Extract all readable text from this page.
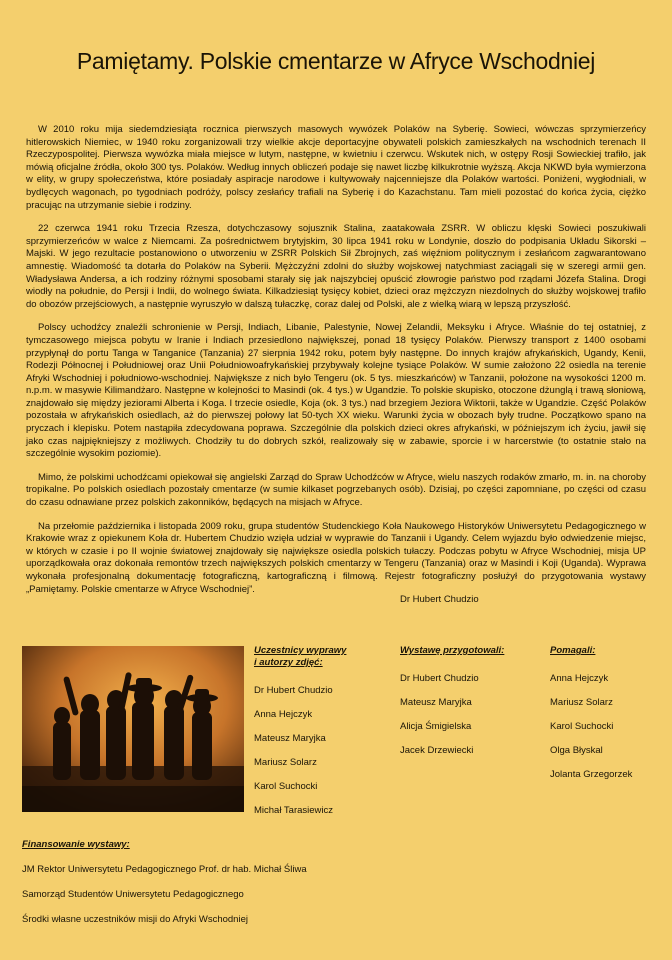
Pamiętamy. Polskie cmentarze w Afryce Wschodniej

W 2010 roku mija siedemdziesiąta rocznica pierwszych masowych wywózek Polaków na Syberię. Sowieci, wówczas sprzymierzeńcy hitlerowskich Niemiec, w 1940 roku zorganizowali trzy wielkie akcje deportacyjne obywateli polskich zamieszkałych na wschodnich terenach II Rzeczypospolitej. Pierwsza wywózka miała miejsce w lutym, następne, w kwietniu i czerwcu. Wskutek nich, w ostępy Rosji Sowieckiej trafiło, jak mówią oficjalne źródła, około 300 tys. Polaków. Według innych obliczeń podaje się nawet liczbę kilkukrotnie wyższą. Akcja NKWD była wymierzona w elity, w grupy społeczeństwa, które posiadały aspiracje narodowe i kultywowały najcenniejsze dla Polaków wartości. Poniżeni, wygłodniali, w bydlęcych wagonach, po tygodniach podróży, polscy zesłańcy trafiali na Syberię i do Kazachstanu. Tam mieli pozostać do końca życia, ciężko pracując na utrzymanie siebie i rodziny.

22 czerwca 1941 roku Trzecia Rzesza, dotychczasowy sojusznik Stalina, zaatakowała ZSRR. W obliczu klęski Sowieci poszukiwali sprzymierzeńców w walce z Niemcami. Za pośrednictwem brytyjskim, 30 lipca 1941 roku w Londynie, doszło do podpisania Układu Sikorski – Majski. W jego rezultacie postanowiono o utworzeniu w ZSRR Polskich Sił Zbrojnych, zaś więźniom politycznym i zesłańcom zagwarantowano amnestię. Wiadomość ta dotarła do Polaków na Syberii. Mężczyźni zdolni do służby wojskowej natychmiast zaciągali się w szeregi armii gen. Władysława Andersa, a ich rodziny różnymi sposobami starały się jak najszybciej opuścić złowrogie państwo pod rządami Józefa Stalina. Drogi wiodły na południe, do Persji i Indii, do wolnego świata. Kilkadziesiąt tysięcy kobiet, dzieci oraz mężczyzn niezdolnych do służby wojskowej trafiło do obozów przejściowych, a następnie wyruszyło w dalszą tułaczkę, coraz dalej od Polski, ale z wielką wiarą w lepszą przyszłość.

Polscy uchodźcy znaleźli schronienie w Persji, Indiach, Libanie, Palestynie, Nowej Zelandii, Meksyku i Afryce. Właśnie do tej ostatniej, z tymczasowego miejsca pobytu w Iranie i Indiach przesiedlono największej, ponad 18 tysięcy Polaków. Pierwszy transport z 1400 osobami przypłynął do portu Tanga w Tanganice (Tanzania) 27 sierpnia 1942 roku, potem były następne. Do innych krajów afrykańskich, Ugandy, Kenii, Rodezji Północnej i Południowej oraz Unii Południowoafrykańskiej przybywały kolejne tysiące Polaków. W sumie założono 22 osiedla na terenie Afryki Wschodniej i południowo-wschodniej. Największe z nich było Tengeru (ok. 5 tys. mieszkańców) w Tanzanii, położone na wysokości 1200 m. n.p.m. w masywie Kilimandżaro. Następne w kolejności to Masindi (ok. 4 tys.) w Ugandzie. To polskie skupisko, otoczone dżunglą i trawą słoniową, znajdowało się między jeziorami Alberta i Koga. I trzecie osiedle, Koja (ok. 3 tys.) nad brzegiem Jeziora Wiktorii, także w Ugandzie. Część Polaków pozostała w afrykańskich osiedlach, aż do pierwszej połowy lat 50-tych XX wieku. Warunki życia w obozach były trudne. Początkowo spano na pryczach i klepisku. Potem nastąpiła zdecydowana poprawa. Szczególnie dla polskich dzieci okres afrykański, w późniejszym ich życiu, jawił się jako czas najpiękniejszy z możliwych. Chodziły tu do dobrych szkół, realizowały się w zabawie, sporcie i w harcerstwie (to ostatnie stało na szczególnie wysokim poziomie).

Mimo, że polskimi uchodźcami opiekował się angielski Zarząd do Spraw Uchodźców w Afryce, wielu naszych rodaków zmarło, m. in. na choroby tropikalne. Po polskich osiedlach pozostały cmentarze (w sumie kilkaset pogrzebanych osób). Dzisiaj, po części zapomniane, po części od czasu do czasu odnawiane przez polskich zakonników, będących na misjach w Afryce.

Na przełomie października i listopada 2009 roku, grupa studentów Studenckiego Koła Naukowego Historyków Uniwersytetu Pedagogicznego w Krakowie wraz z opiekunem Koła dr. Hubertem Chudzio wzięła udział w wyprawie do Tanzanii i Ugandy. Celem wyjazdu było odwiedzenie miejsc, w których w czasie i po II wojnie światowej znajdowały się największe osiedla polskich tułaczy. Podczas pobytu w Afryce Wschodniej, misja UP uporządkowała oraz dokonała remontów trzech największych polskich cmentarzy w Tengeru (Tanzania) oraz w Masindi i Koji (Uganda). Wyprawa wykonała profesjonalną dokumentację fotograficzną, kartograficzną i filmową. Rejestr fotograficzny posłużył do przygotowania wystawy „Pamiętamy. Polskie cmentarze w Afryce Wschodniej”.

Dr Hubert Chudzio
Uczestnicy wyprawy
i autorzy zdjęć:
Dr Hubert Chudzio
Anna Hejczyk
Mateusz Maryjka
Mariusz Solarz
Karol Suchocki
Michał Tarasiewicz
Wystawę przygotowali:
Dr Hubert Chudzio
Mateusz Maryjka
Alicja Śmigielska
Jacek Drzewiecki
Pomagali:
Anna Hejczyk
Mariusz Solarz
Karol Suchocki
Olga Błyskal
Jolanta Grzegorzek
Finansowanie wystawy:
JM Rektor Uniwersytetu Pedagogicznego Prof. dr hab. Michał Śliwa
Samorząd Studentów Uniwersytetu Pedagogicznego
Środki własne uczestników misji do Afryki Wschodniej
